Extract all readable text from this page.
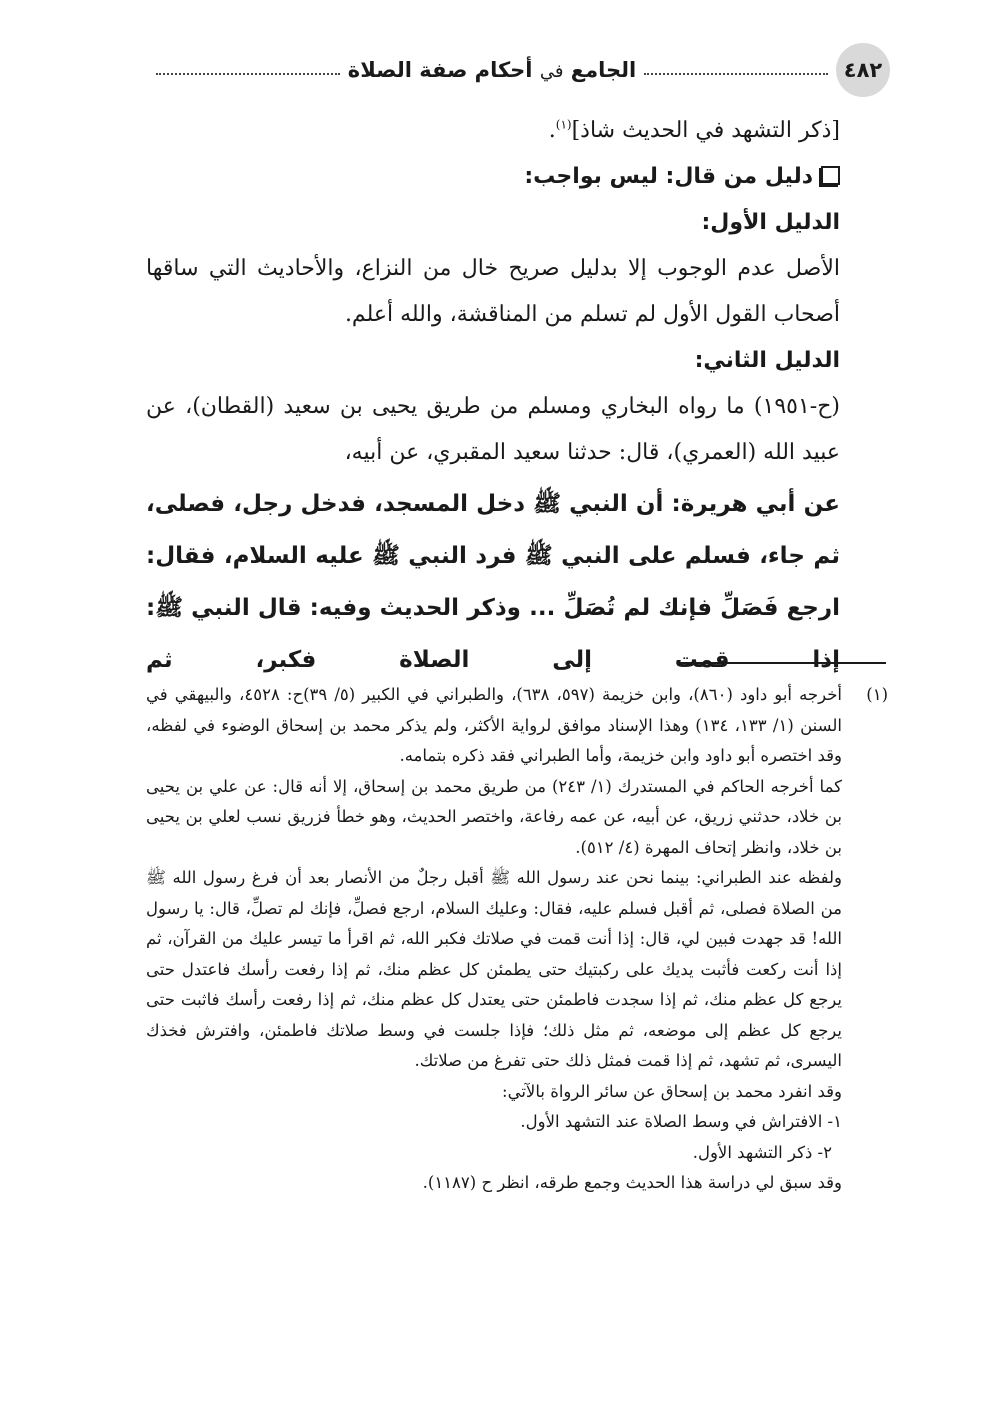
٤٨٢
الجامع في أحكام صفة الصلاة

[ذكر التشهد في الحديث شاذ]$^{(١)}$.

دليل من قال: ليس بواجب:

الدليل الأول:

الأصل عدم الوجوب إلا بدليل صريح خال من النزاع، والأحاديث التي ساقها أصحاب القول الأول لم تسلم من المناقشة، والله أعلم.

الدليل الثاني:

(ح-١٩٥١) ما رواه البخاري ومسلم من طريق يحيى بن سعيد (القطان)، عن عبيد الله (العمري)، قال: حدثنا سعيد المقبري، عن أبيه،

عن أبي هريرة: أن النبي ﷺ دخل المسجد، فدخل رجل، فصلى، ثم جاء، فسلم على النبي ﷺ فرد النبي ﷺ عليه السلام، فقال: ارجع فَصَلِّ فإنك لم تُصَلِّ ... وذكر الحديث وفيه: قال النبي ﷺ: إذا قمت إلى الصلاة فكبر، ثم

(١)

أخرجه أبو داود (٨٦٠)، وابن خزيمة (٥٩٧، ٦٣٨)، والطبراني في الكبير (٥/ ٣٩)ح: ٤٥٢٨، والبيهقي في السنن (١/ ١٣٣، ١٣٤) وهذا الإسناد موافق لرواية الأكثر، ولم يذكر محمد بن إسحاق الوضوء في لفظه، وقد اختصره أبو داود وابن خزيمة، وأما الطبراني فقد ذكره بتمامه.

كما أخرجه الحاكم في المستدرك (١/ ٢٤٣) من طريق محمد بن إسحاق، إلا أنه قال: عن علي بن يحيى بن خلاد، حدثني زريق، عن أبيه، عن عمه رفاعة، واختصر الحديث، وهو خطأ فزريق نسب لعلي بن يحيى بن خلاد، وانظر إتحاف المهرة (٤/ ٥١٢).

ولفظه عند الطبراني: بينما نحن عند رسول الله ﷺ أقبل رجلٌ من الأنصار بعد أن فرغ رسول الله ﷺ من الصلاة فصلى، ثم أقبل فسلم عليه، فقال: وعليك السلام، ارجع فصلِّ، فإنك لم تصلِّ، قال: يا رسول الله! قد جهدت فبين لي، قال: إذا أنت قمت في صلاتك فكبر الله، ثم اقرأ ما تيسر عليك من القرآن، ثم إذا أنت ركعت فأثبت يديك على ركبتيك حتى يطمئن كل عظم منك، ثم إذا رفعت رأسك فاعتدل حتى يرجع كل عظم منك، ثم إذا سجدت فاطمئن حتى يعتدل كل عظم منك، ثم إذا رفعت رأسك فاثبت حتى يرجع كل عظم إلى موضعه، ثم مثل ذلك؛ فإذا جلست في وسط صلاتك فاطمئن، وافترش فخذك اليسرى، ثم تشهد، ثم إذا قمت فمثل ذلك حتى تفرغ من صلاتك.

وقد انفرد محمد بن إسحاق عن سائر الرواة بالآتي:

١- الافتراش في وسط الصلاة عند التشهد الأول.

٢- ذكر التشهد الأول.

وقد سبق لي دراسة هذا الحديث وجمع طرقه، انظر ح (١١٨٧).
